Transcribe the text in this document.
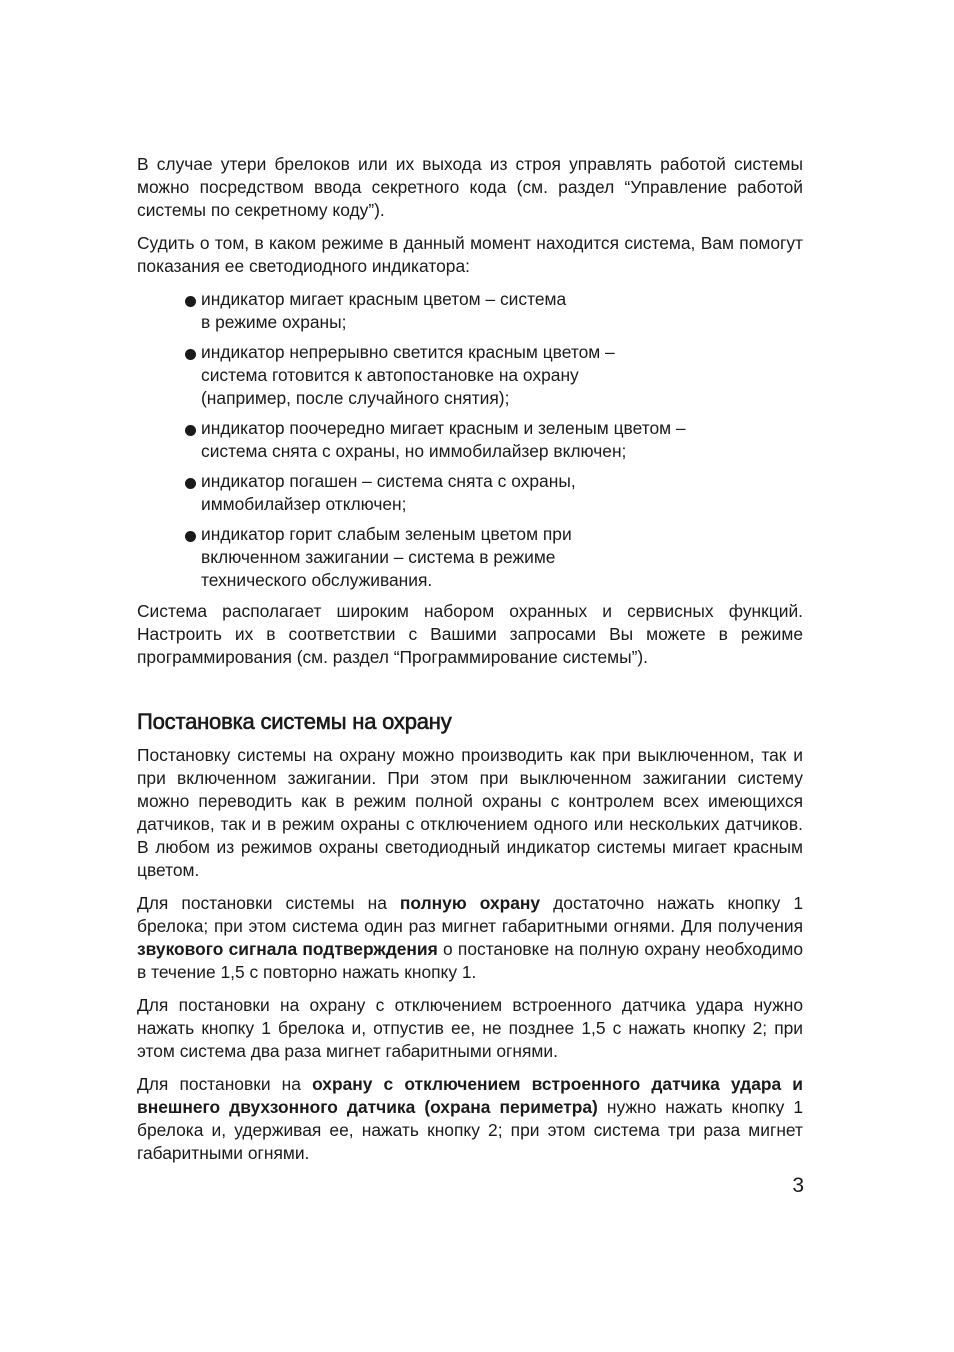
В случае утери брелоков или их выхода из строя управлять работой системы можно посредством ввода секретного кода (см. раздел “Управление работой системы по секретному коду”).

Судить о том, в каком режиме в данный момент находится система, Вам помогут показания ее светодиодного индикатора:

индикатор мигает красным цветом – система
в режиме охраны;
индикатор непрерывно светится красным цветом –
система готовится к автопостановке на охрану
(например, после случайного снятия);
индикатор поочередно мигает красным и зеленым цветом –
система снята с охраны, но иммобилайзер включен;
индикатор погашен – система снята с охраны,
иммобилайзер отключен;
индикатор горит слабым зеленым цветом при
включенном зажигании – система в режиме
технического обслуживания.

Система располагает широким набором охранных и сервисных функций. Настроить их в соответствии с Вашими запросами Вы можете в режиме программирования (см. раздел “Программирование системы”).

Постановка системы на охрану

Постановку системы на охрану можно производить как при выключенном, так и при включенном зажигании. При этом при выключенном зажигании систему можно переводить как в режим полной охраны с контролем всех имеющихся датчиков, так и в режим охраны с отключением одного или нескольких датчиков. В любом из режимов охраны светодиодный индикатор системы мигает красным цветом.

Для постановки системы на полную охрану достаточно нажать кнопку 1 брелока; при этом система один раз мигнет габаритными огнями. Для получения звукового сигнала подтверждения о постановке на полную охрану необходимо в течение 1,5 с повторно нажать кнопку 1.

Для постановки на охрану с отключением встроенного датчика удара нужно нажать кнопку 1 брелока и, отпустив ее, не позднее 1,5 с нажать кнопку 2; при этом система два раза мигнет габаритными огнями.

Для постановки на охрану с отключением встроенного датчика удара и внешнего двухзонного датчика (охрана периметра) нужно нажать кнопку 1 брелока и, удерживая ее, нажать кнопку 2; при этом система три раза мигнет габаритными огнями.

3
